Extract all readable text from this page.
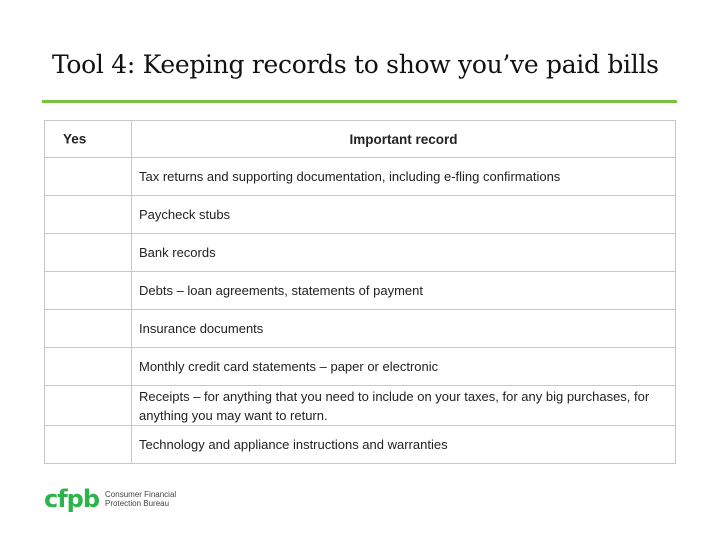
Tool 4: Keeping records to show you’ve paid bills
Yes	Important record
	Tax returns and supporting documentation, including e-fling confirmations
	Paycheck stubs
	Bank records
	Debts – loan agreements, statements of payment
	Insurance documents
	Monthly credit card statements – paper or electronic
	Receipts – for anything that you need to include on your taxes, for any big purchases, for anything you may want to return.
	Technology and appliance instructions and warranties
cfpb Consumer Financial
Protection Bureau
